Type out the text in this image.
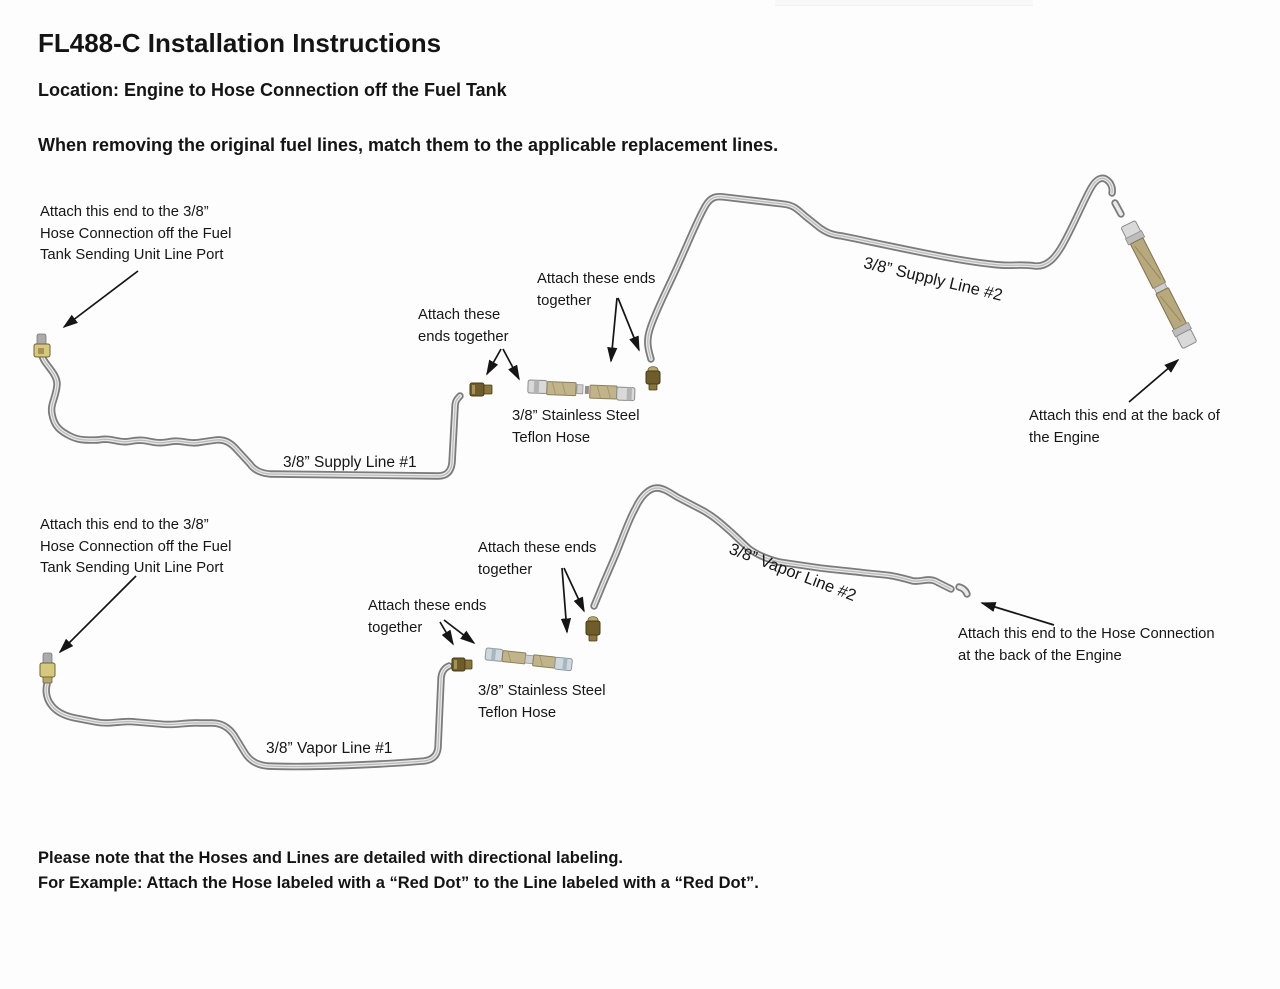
FL488-C Installation Instructions
Location: Engine to Hose Connection off the Fuel Tank
When removing the original fuel lines, match them to the applicable replacement lines.
Attach this end to the 3/8”
Hose Connection off the Fuel
Tank Sending Unit Line Port
Attach these
ends together
Attach these ends
together
3/8” Stainless Steel
Teflon Hose
3/8” Supply Line #1
3/8” Supply Line #2
Attach this end at the back of
the Engine
Attach this end to the 3/8”
Hose Connection off the Fuel
Tank Sending Unit Line Port
Attach these ends
together
Attach these ends
together
3/8” Stainless Steel
Teflon Hose
3/8” Vapor Line #1
3/8” Vapor Line #2
Attach this end to the Hose Connection
at the back of the Engine
Please note that the Hoses and Lines are detailed with directional labeling.
For Example: Attach the Hose labeled with a “Red Dot” to the Line labeled with a “Red Dot”.
